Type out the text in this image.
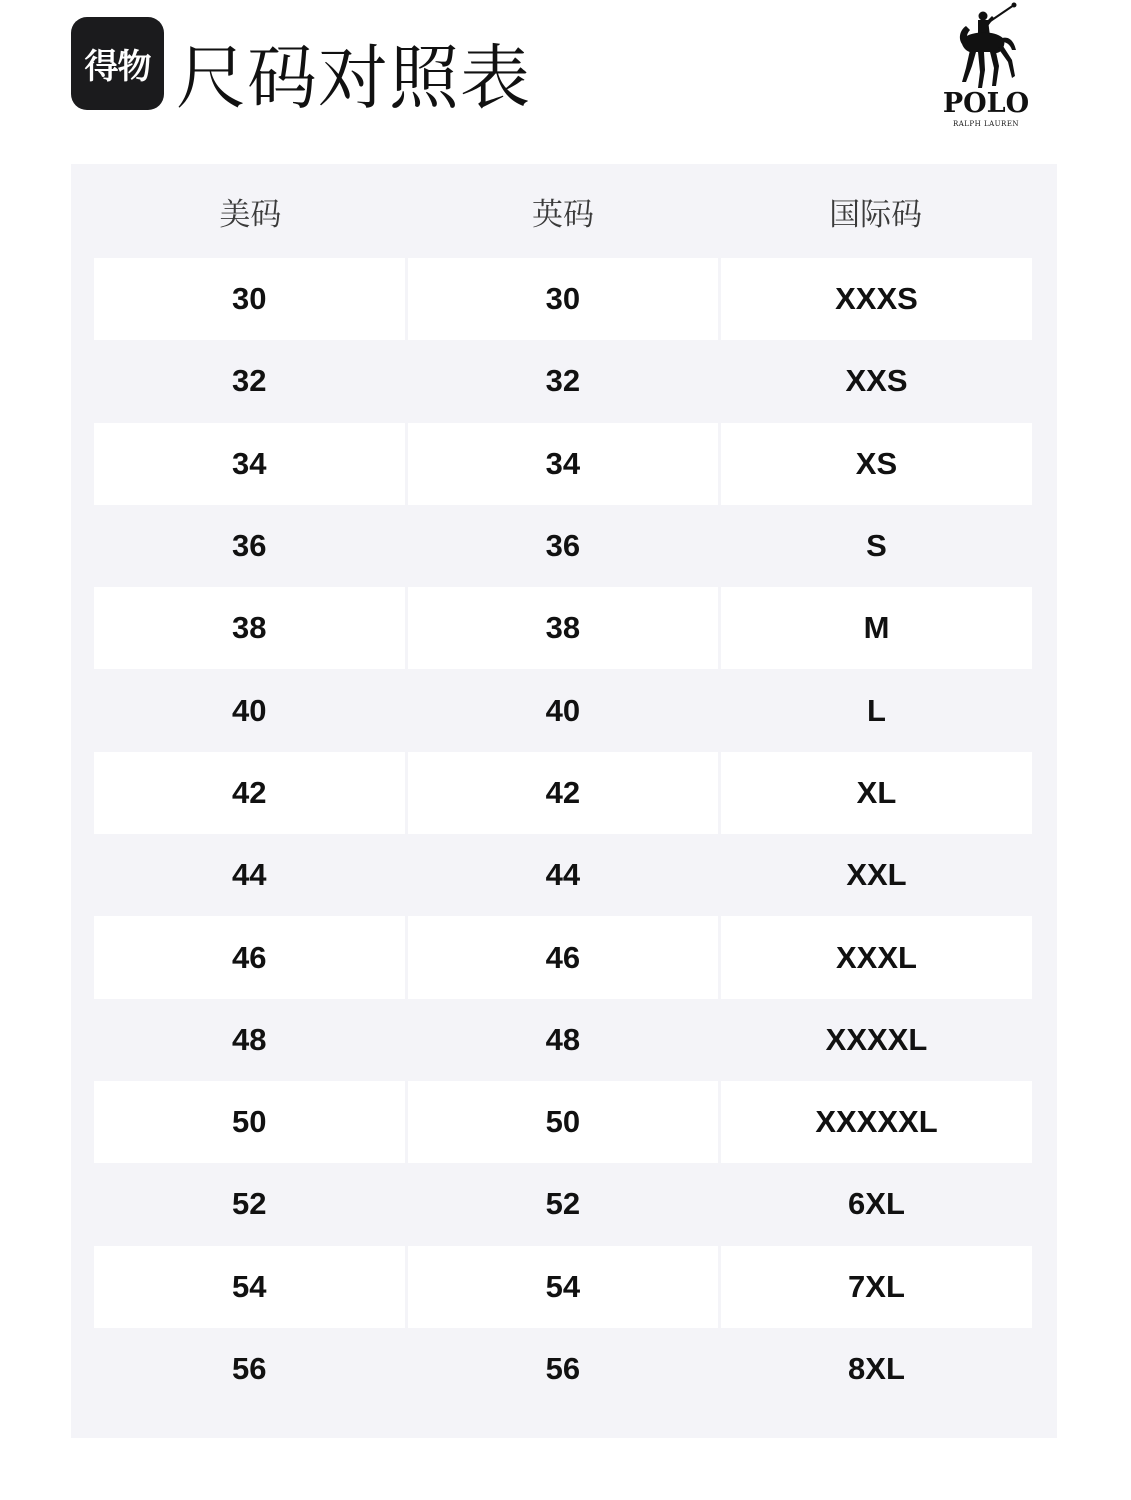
得物 尺码对照表	POLO
RALPH LAUREN
美码	英码	国际码
30	30	XXXS
32	32	XXS
34	34	XS
36	36	S
38	38	M
40	40	L
42	42	XL
44	44	XXL
46	46	XXXL
48	48	XXXXL
50	50	XXXXXL
52	52	6XL
54	54	7XL
56	56	8XL
